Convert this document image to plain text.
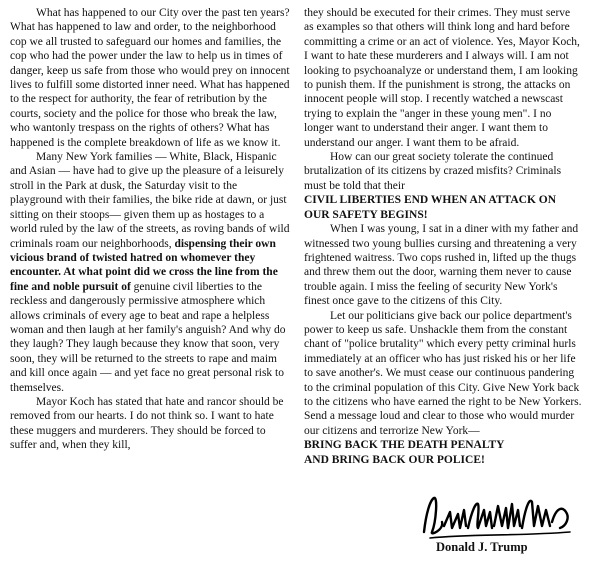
What has happened to our City over the past ten years? What has happened to law and order, to the neighborhood cop we all trusted to safeguard our homes and families, the cop who had the power under the law to help us in times of danger, keep us safe from those who would prey on innocent lives to fulfill some distorted inner need. What has happened to the respect for authority, the fear of retribution by the courts, society and the police for those who break the law, who wantonly trespass on the rights of others? What has happened is the complete breakdown of life as we know it.

Many New York families — White, Black, Hispanic and Asian — have had to give up the pleasure of a leisurely stroll in the Park at dusk, the Saturday visit to the playground with their families, the bike ride at dawn, or just sitting on their stoops— given them up as hostages to a world ruled by the law of the streets, as roving bands of wild criminals roam our neighborhoods, dispensing their own vicious brand of twisted hatred on whomever they encounter. At what point did we cross the line from the fine and noble pursuit of genuine civil liberties to the reckless and dangerously permissive atmosphere which allows criminals of every age to beat and rape a helpless woman and then laugh at her family's anguish? And why do they laugh? They laugh because they know that soon, very soon, they will be returned to the streets to rape and maim and kill once again — and yet face no great personal risk to themselves.

Mayor Koch has stated that hate and rancor should be removed from our hearts. I do not think so. I want to hate these muggers and murderers. They should be forced to suffer and, when they kill,

they should be executed for their crimes. They must serve as examples so that others will think long and hard before committing a crime or an act of violence. Yes, Mayor Koch, I want to hate these murderers and I always will. I am not looking to psychoanalyze or understand them, I am looking to punish them. If the punishment is strong, the attacks on innocent people will stop. I recently watched a newscast trying to explain the "anger in these young men". I no longer want to understand their anger. I want them to understand our anger. I want them to be afraid.

How can our great society tolerate the continued brutalization of its citizens by crazed misfits? Criminals must be told that their
CIVIL LIBERTIES END WHEN AN ATTACK ON OUR SAFETY BEGINS!

When I was young, I sat in a diner with my father and witnessed two young bullies cursing and threatening a very frightened waitress. Two cops rushed in, lifted up the thugs and threw them out the door, warning them never to cause trouble again. I miss the feeling of security New York's finest once gave to the citizens of this City.

Let our politicians give back our police department's power to keep us safe. Unshackle them from the constant chant of "police brutality" which every petty criminal hurls immediately at an officer who has just risked his or her life to save another's. We must cease our continuous pandering to the criminal population of this City. Give New York back to the citizens who have earned the right to be New Yorkers. Send a message loud and clear to those who would murder our citizens and terrorize New York—
BRING BACK THE DEATH PENALTY
AND BRING BACK OUR POLICE!

Donald J. Trump
